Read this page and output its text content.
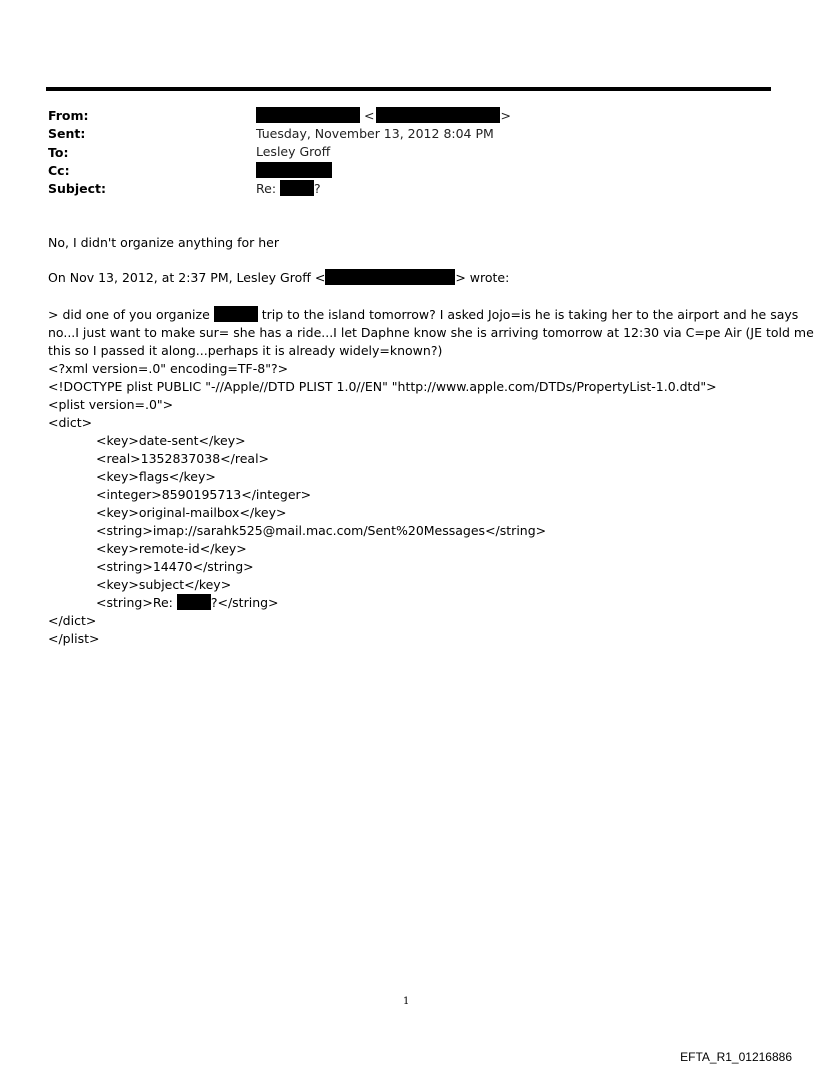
From:	<	>
Sent:	Tuesday, November 13, 2012 8:04 PM
To:	Lesley Groff
Cc:
Subject:	Re:	?
No, I didn't organize anything for her
On Nov 13, 2012, at 2:37 PM, Lesley Groff <	> wrote:
> did one of you organize	trip to the island tomorrow? I asked Jojo=is he is taking her to the airport and he says
no...I just want to make sur= she has a ride...I let Daphne know she is arriving tomorrow at 12:30 via C=pe Air (JE told me
this so I passed it along...perhaps it is already widely=known?)
<?xml version=.0" encoding=TF-8"?>
<!DOCTYPE plist PUBLIC "-//Apple//DTD PLIST 1.0//EN" "http://www.apple.com/DTDs/PropertyList-1.0.dtd">
<plist version=.0">
<dict>
<key>date-sent</key>
<real>1352837038</real>
<key>flags</key>
<integer>8590195713</integer>
<key>original-mailbox</key>
<string>imap://sarahk525@mail.mac.com/Sent%20Messages</string>
<key>remote-id</key>
<string>14470</string>
<key>subject</key>
<string>Re:	?</string>
</dict>
</plist>
1
EFTA_R1_01216886
